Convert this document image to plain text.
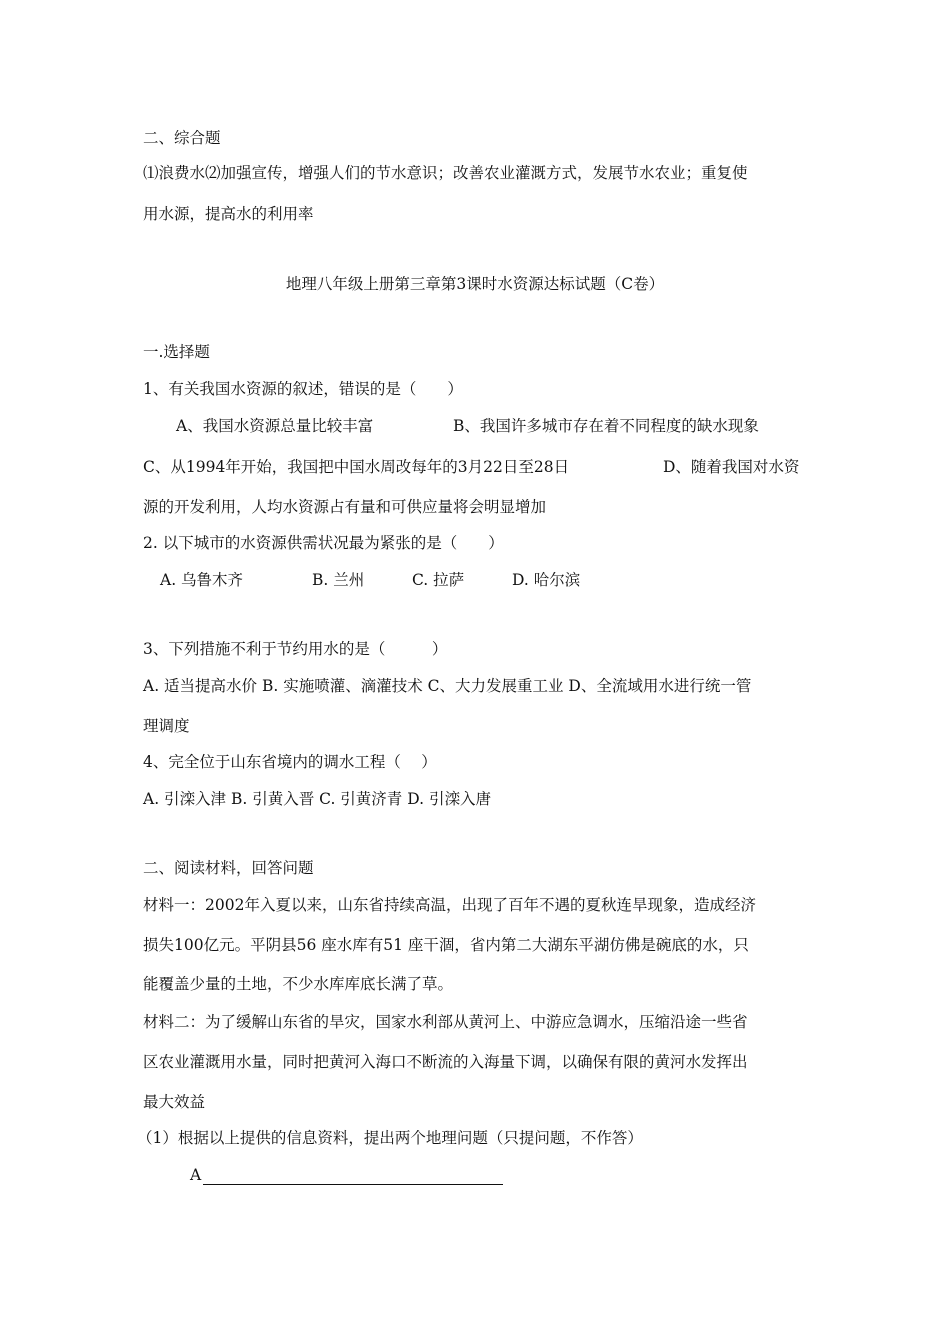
二、综合题
⑴浪费水⑵加强宣传，增强人们的节水意识；改善农业灌溉方式，发展节水农业；重复使
用水源，提高水的利用率
地理八年级上册第三章第3课时水资源达标试题（C卷）
一.选择题
1、有关我国水资源的叙述，错误的是（　　）
A、我国水资源总量比较丰富	B、我国许多城市存在着不同程度的缺水现象
C、从1994年开始，我国把中国水周改每年的3月22日至28日	D、随着我国对水资
源的开发利用，人均水资源占有量和可供应量将会明显增加
2. 以下城市的水资源供需状况最为紧张的是（　　）
A. 乌鲁木齐	B. 兰州	C. 拉萨	D. 哈尔滨
3、下列措施不利于节约用水的是（　　　）
A. 适当提高水价 B. 实施喷灌、滴灌技术 C、大力发展重工业 D、全流域用水进行统一管
理调度
4、完全位于山东省境内的调水工程（　 ）
A. 引滦入津 B. 引黄入晋 C. 引黄济青 D. 引滦入唐
二、阅读材料，回答问题
材料一：2002年入夏以来，山东省持续高温，出现了百年不遇的夏秋连旱现象，造成经济
损失100亿元。平阴县56 座水库有51 座干涸，省内第二大湖东平湖仿佛是碗底的水，只
能覆盖少量的土地，不少水库库底长满了草。
材料二：为了缓解山东省的旱灾，国家水利部从黄河上、中游应急调水，压缩沿途一些省
区农业灌溉用水量，同时把黄河入海口不断流的入海量下调，以确保有限的黄河水发挥出
最大效益
（1）根据以上提供的信息资料，提出两个地理问题（只提问题，不作答）
A
